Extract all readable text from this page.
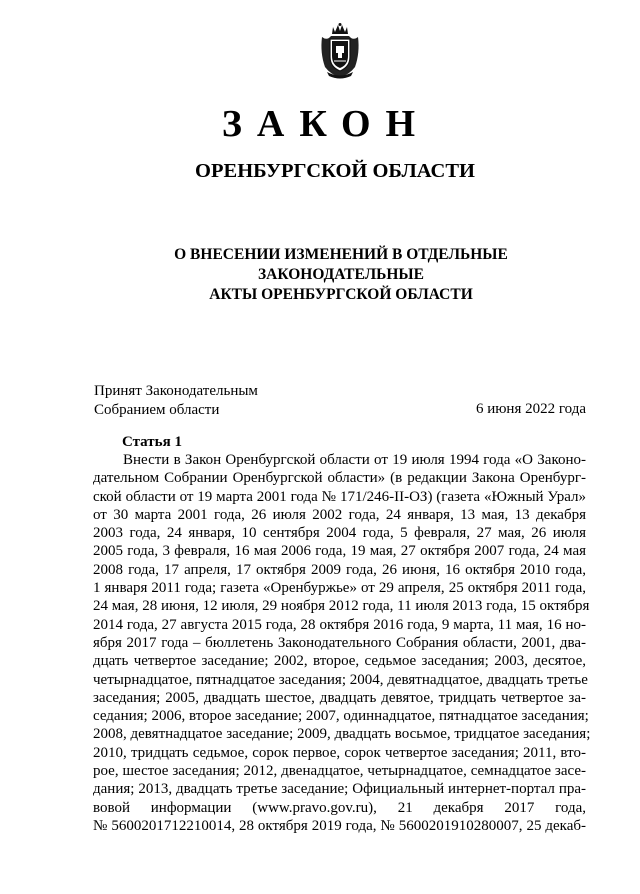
ЗАКОН
ОРЕНБУРГСКОЙ ОБЛАСТИ
О ВНЕСЕНИИ ИЗМЕНЕНИЙ В ОТДЕЛЬНЫЕ ЗАКОНОДАТЕЛЬНЫЕ
АКТЫ ОРЕНБУРГСКОЙ ОБЛАСТИ
Принят Законодательным
Собранием области	6 июня 2022 года
Статья 1
Внести в Закон Оренбургской области от 19 июля 1994 года «О Законо-
дательном Собрании Оренбургской области» (в редакции Закона Оренбург-
ской области от 19 марта 2001 года № 171/246-II-ОЗ) (газета «Южный Урал»
от 30 марта 2001 года, 26 июля 2002 года, 24 января, 13 мая, 13 декабря
2003 года, 24 января, 10 сентября 2004 года, 5 февраля, 27 мая, 26 июля
2005 года, 3 февраля, 16 мая 2006 года, 19 мая, 27 октября 2007 года, 24 мая
2008 года, 17 апреля, 17 октября 2009 года, 26 июня, 16 октября 2010 года,
1 января 2011 года; газета «Оренбуржье» от 29 апреля, 25 октября 2011 года,
24 мая, 28 июня, 12 июля, 29 ноября 2012 года, 11 июля 2013 года, 15 октября
2014 года, 27 августа 2015 года, 28 октября 2016 года, 9 марта, 11 мая, 16 но-
ября 2017 года – бюллетень Законодательного Собрания области, 2001, два-
дцать четвертое заседание; 2002, второе, седьмое заседания; 2003, десятое,
четырнадцатое, пятнадцатое заседания; 2004, девятнадцатое, двадцать третье
заседания; 2005, двадцать шестое, двадцать девятое, тридцать четвертое за-
седания; 2006, второе заседание; 2007, одиннадцатое, пятнадцатое заседания;
2008, девятнадцатое заседание; 2009, двадцать восьмое, тридцатое заседания;
2010, тридцать седьмое, сорок первое, сорок четвертое заседания; 2011, вто-
рое, шестое заседания; 2012, двенадцатое, четырнадцатое, семнадцатое засе-
дания; 2013, двадцать третье заседание; Официальный интернет-портал пра-
вовой информации (www.pravo.gov.ru), 21 декабря 2017 года,
№ 5600201712210014, 28 октября 2019 года, № 5600201910280007, 25 декаб-
